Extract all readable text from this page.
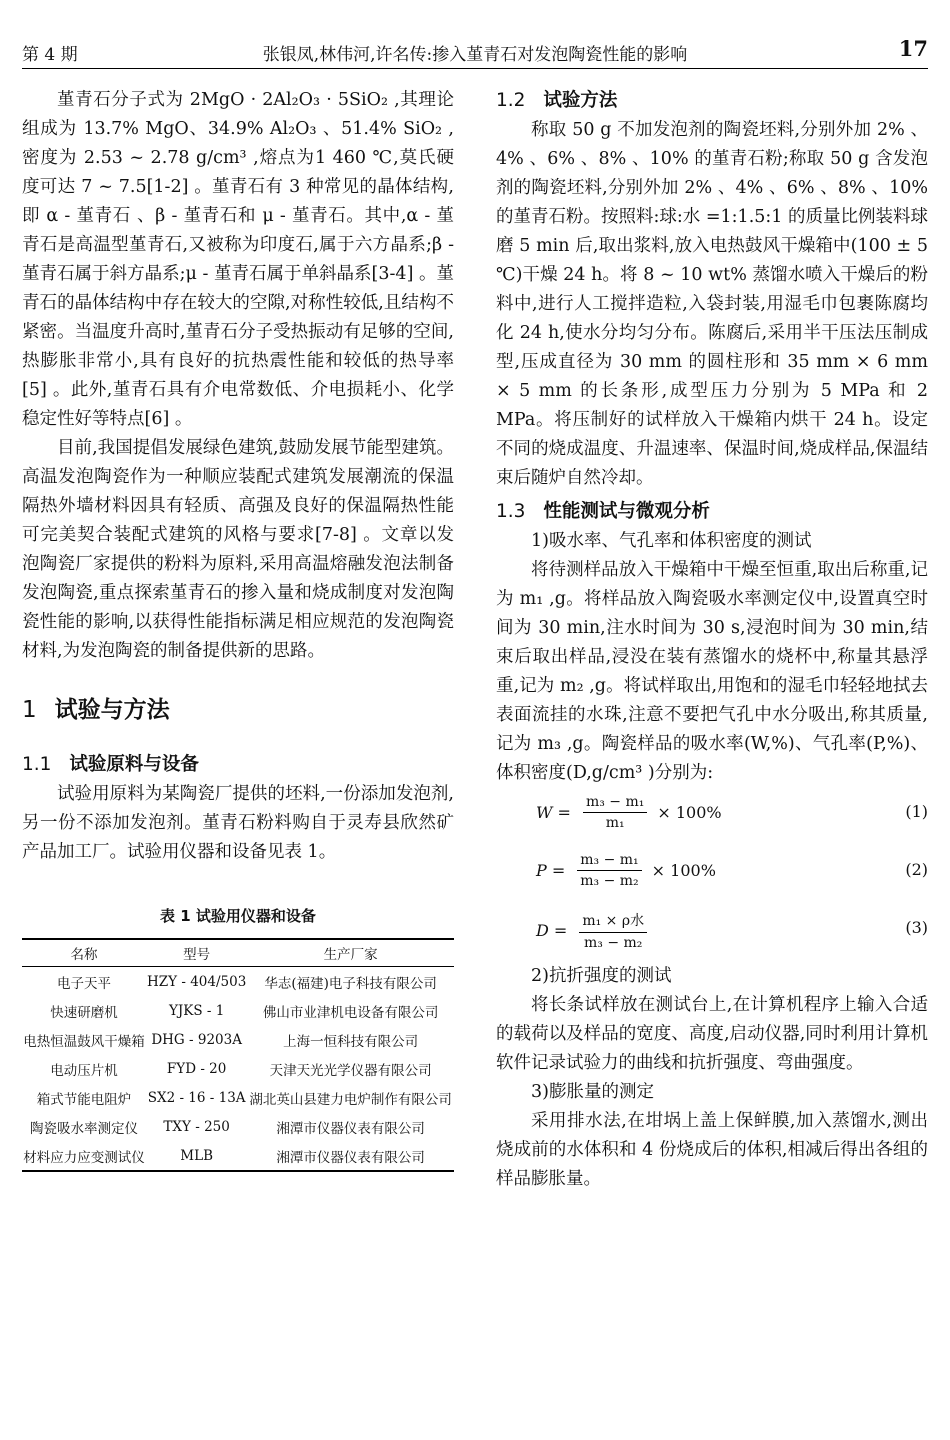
第 4 期	张银凤,林伟河,许名传:掺入堇青石对发泡陶瓷性能的影响	17

堇青石分子式为 2MgO · 2Al₂O₃ · 5SiO₂ ,其理论组成为 13.7% MgO、34.9% Al₂O₃ 、51.4% SiO₂ ,密度为 2.53 ~ 2.78 g/cm³ ,熔点为1 460 ℃,莫氏硬度可达 7 ~ 7.5[1-2] 。堇青石有 3 种常见的晶体结构,即 α - 堇青石 、β - 堇青石和 μ - 堇青石。其中,α - 堇青石是高温型堇青石,又被称为印度石,属于六方晶系;β - 堇青石属于斜方晶系;μ - 堇青石属于单斜晶系[3-4] 。堇青石的晶体结构中存在较大的空隙,对称性较低,且结构不紧密。当温度升高时,堇青石分子受热振动有足够的空间,热膨胀非常小,具有良好的抗热震性能和较低的热导率[5] 。此外,堇青石具有介电常数低、介电损耗小、化学稳定性好等特点[6] 。

目前,我国提倡发展绿色建筑,鼓励发展节能型建筑。高温发泡陶瓷作为一种顺应装配式建筑发展潮流的保温隔热外墙材料因具有轻质、高强及良好的保温隔热性能可完美契合装配式建筑的风格与要求[7-8] 。文章以发泡陶瓷厂家提供的粉料为原料,采用高温熔融发泡法制备发泡陶瓷,重点探索堇青石的掺入量和烧成制度对发泡陶瓷性能的影响,以获得性能指标满足相应规范的发泡陶瓷材料,为发泡陶瓷的制备提供新的思路。

1 试验与方法
1.1 试验原料与设备

试验用原料为某陶瓷厂提供的坯料,一份添加发泡剂,另一份不添加发泡剂。堇青石粉料购自于灵寿县欣然矿产品加工厂。试验用仪器和设备见表 1。

表 1 试验用仪器和设备
名称	型号	生产厂家
电子天平	HZY - 404/503	华志(福建)电子科技有限公司
快速研磨机	YJKS - 1	佛山市业津机电设备有限公司
电热恒温鼓风干燥箱	DHG - 9203A	上海一恒科技有限公司
电动压片机	FYD - 20	天津天光光学仪器有限公司
箱式节能电阻炉	SX2 - 16 - 13A	湖北英山县建力电炉制作有限公司
陶瓷吸水率测定仪	TXY - 250	湘潭市仪器仪表有限公司
材料应力应变测试仪	MLB	湘潭市仪器仪表有限公司
1.2 试验方法

称取 50 g 不加发泡剂的陶瓷坯料,分别外加 2% 、4% 、6% 、8% 、10% 的堇青石粉;称取 50 g 含发泡剂的陶瓷坯料,分别外加 2% 、4% 、6% 、8% 、10% 的堇青石粉。按照料:球:水 =1:1.5:1 的质量比例装料球磨 5 min 后,取出浆料,放入电热鼓风干燥箱中(100 ± 5 ℃)干燥 24 h。将 8 ~ 10 wt% 蒸馏水喷入干燥后的粉料中,进行人工搅拌造粒,入袋封装,用湿毛巾包裹陈腐均化 24 h,使水分均匀分布。陈腐后,采用半干压法压制成型,压成直径为 30 mm 的圆柱形和 35 mm × 6 mm × 5 mm 的长条形,成型压力分别为 5 MPa 和 2 MPa。将压制好的试样放入干燥箱内烘干 24 h。设定不同的烧成温度、升温速率、保温时间,烧成样品,保温结束后随炉自然冷却。

1.3 性能测试与微观分析

1)吸水率、气孔率和体积密度的测试

将待测样品放入干燥箱中干燥至恒重,取出后称重,记为 m₁ ,g。将样品放入陶瓷吸水率测定仪中,设置真空时间为 30 min,注水时间为 30 s,浸泡时间为 30 min,结束后取出样品,浸没在装有蒸馏水的烧杯中,称量其悬浮重,记为 m₂ ,g。将试样取出,用饱和的湿毛巾轻轻地拭去表面流挂的水珠,注意不要把气孔中水分吸出,称其质量,记为 m₃ ,g。陶瓷样品的吸水率(W,%)、气孔率(P,%)、体积密度(D,g/cm³ )分别为:

$W = \frac{\text{m₃ − m₁}}{\text{m₁}} \times 100\%$	(1)
$P = \frac{\text{m₃ − m₁}}{\text{m₃ − m₂}} \times 100\%$	(2)
$D = \frac{\text{m₁ × ρ水}}{\text{m₃ − m₂}}$	(3)

2)抗折强度的测试

将长条试样放在测试台上,在计算机程序上输入合适的载荷以及样品的宽度、高度,启动仪器,同时利用计算机软件记录试验力的曲线和抗折强度、弯曲强度。

3)膨胀量的测定

采用排水法,在坩埚上盖上保鲜膜,加入蒸馏水,测出烧成前的水体积和 4 份烧成后的体积,相减后得出各组的样品膨胀量。
